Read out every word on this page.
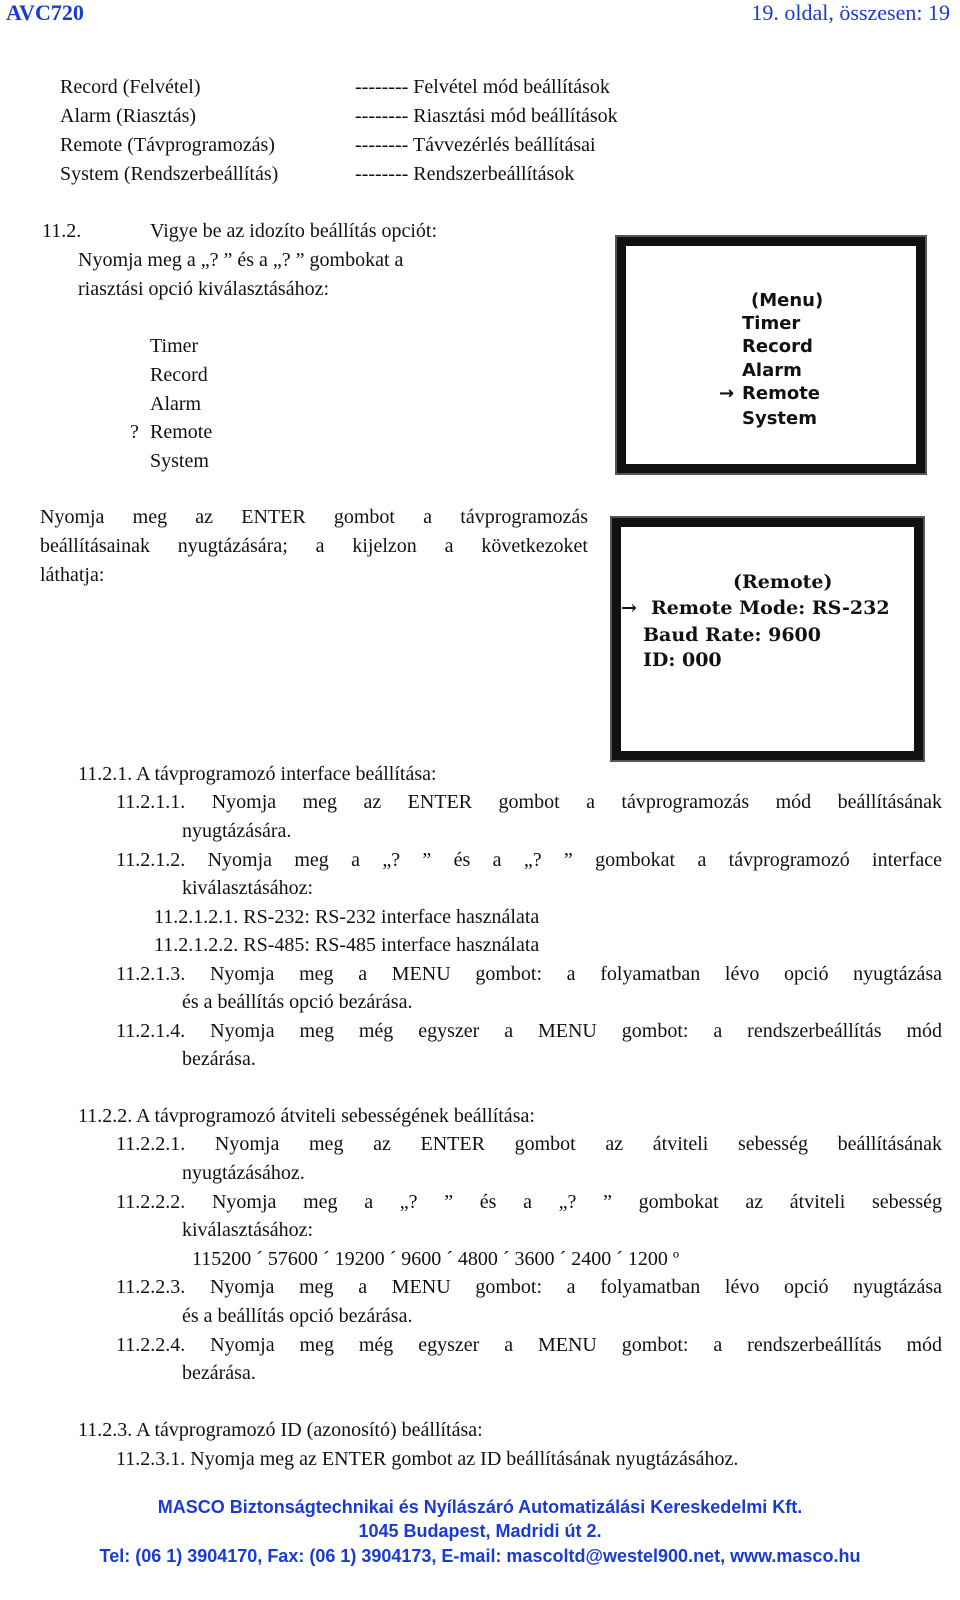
AVC720	19. oldal, összesen: 19
Record (Felvétel)	-------- Felvétel mód beállítások
Alarm (Riasztás)	-------- Riasztási mód beállítások
Remote (Távprogramozás)	-------- Távvezérlés beállításai
System (Rendszerbeállítás)	-------- Rendszerbeállítások
11.2.	Vigye be az idozíto beállítás opciót:
Nyomja meg a „? ” és a „? ” gombokat a
riasztási opció kiválasztásához:
Timer
Record
Alarm
? Remote
System
Nyomja meg az ENTER gombot a távprogramozás
beállításainak nyugtázására; a kijelzon a következoket
láthatja:
(Menu)
Timer
Record
Alarm
→ Remote
System
(Remote)
→ Remote Mode: RS-232
Baud Rate: 9600
ID: 000
11.2.1. A távprogramozó interface beállítása:
11.2.1.1. Nyomja meg az ENTER gombot a távprogramozás mód beállításának
nyugtázására.
11.2.1.2. Nyomja meg a „? ” és a „? ” gombokat a távprogramozó interface
kiválasztásához:
11.2.1.2.1. RS-232: RS-232 interface használata
11.2.1.2.2. RS-485: RS-485 interface használata
11.2.1.3. Nyomja meg a MENU gombot: a folyamatban lévo opció nyugtázása
és a beállítás opció bezárása.
11.2.1.4. Nyomja meg még egyszer a MENU gombot: a rendszerbeállítás mód
bezárása.
11.2.2. A távprogramozó átviteli sebességének beállítása:
11.2.2.1. Nyomja meg az ENTER gombot az átviteli sebesség beállításának
nyugtázásához.
11.2.2.2. Nyomja meg a „? ” és a „? ” gombokat az átviteli sebesség
kiválasztásához:
115200 ´ 57600 ´ 19200 ´ 9600 ´ 4800 ´ 3600 ´ 2400 ´ 1200 º
11.2.2.3. Nyomja meg a MENU gombot: a folyamatban lévo opció nyugtázása
és a beállítás opció bezárása.
11.2.2.4. Nyomja meg még egyszer a MENU gombot: a rendszerbeállítás mód
bezárása.
11.2.3. A távprogramozó ID (azonosító) beállítása:
11.2.3.1. Nyomja meg az ENTER gombot az ID beállításának nyugtázásához.
MASCO Biztonságtechnikai és Nyílászáró Automatizálási Kereskedelmi Kft.
1045 Budapest, Madridi út 2.
Tel: (06 1) 3904170, Fax: (06 1) 3904173, E-mail: mascoltd@westel900.net, www.masco.hu
